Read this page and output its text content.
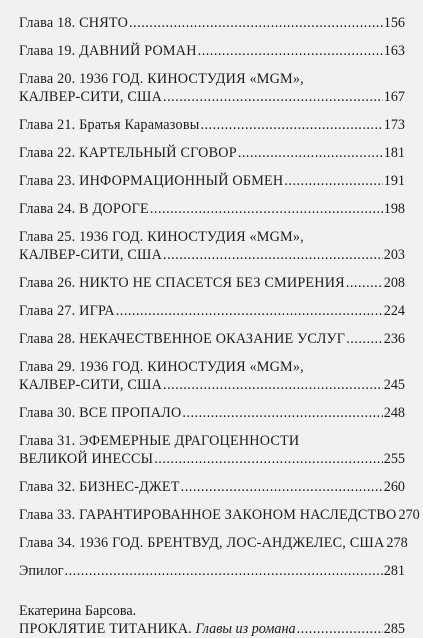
Глава 18. СНЯТО .....	156
Глава 19. ДАВНИЙ РОМАН .....	163
Глава 20. 1936 ГОД. КИНОСТУДИЯ «MGM»,
КАЛВЕР-СИТИ, США .....	167
Глава 21. Братья Карамазовы .....	173
Глава 22. КАРТЕЛЬНЫЙ СГОВОР .....	181
Глава 23. ИНФОРМАЦИОННЫЙ ОБМЕН .....	191
Глава 24. В ДОРОГЕ .....	198
Глава 25. 1936 ГОД. КИНОСТУДИЯ «MGM»,
КАЛВЕР-СИТИ, США .....	203
Глава 26. НИКТО НЕ СПАСЕТСЯ БЕЗ СМИРЕНИЯ .....	208
Глава 27. ИГРА .....	224
Глава 28. НЕКАЧЕСТВЕННОЕ ОКАЗАНИЕ УСЛУГ .....	236
Глава 29. 1936 ГОД. КИНОСТУДИЯ «MGM»,
КАЛВЕР-СИТИ, США .....	245
Глава 30. ВСЕ ПРОПАЛО .....	248
Глава 31. ЭФЕМЕРНЫЕ ДРАГОЦЕННОСТИ
ВЕЛИКОЙ ИНЕССЫ .....	255
Глава 32. БИЗНЕС-ДЖЕТ .....	260
Глава 33. ГАРАНТИРОВАННОЕ ЗАКОНОМ НАСЛЕДСТВО 270
Глава 34. 1936 ГОД. БРЕНТВУД, ЛОС-АНДЖЕЛЕС, США 278
Эпилог .....	281
Екатерина Барсова.
ПРОКЛЯТИЕ ТИТАНИКА. Главы из романа .....	285
